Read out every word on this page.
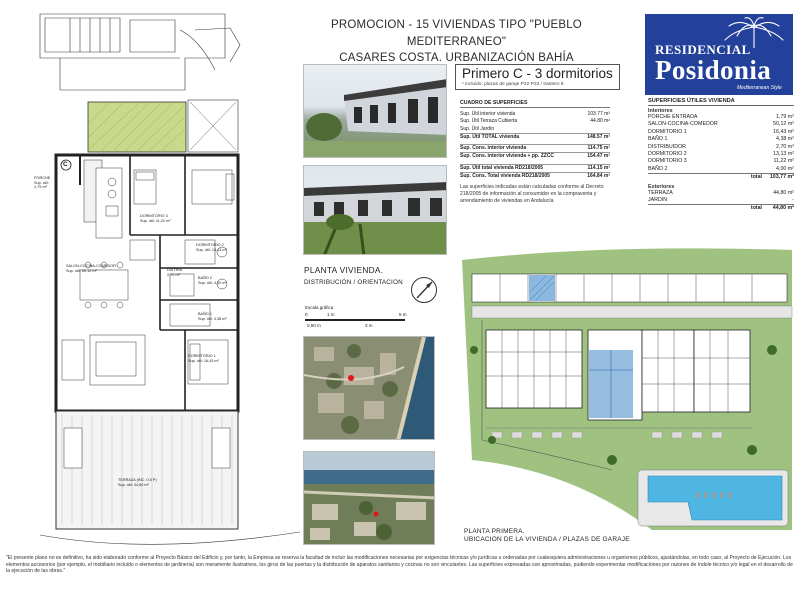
C
PORCHE
Sup. útil: 1,79 m²
DORMITORIO 3
Sup. útil: 11,22 m²
DORMITORIO 2
Sup. útil: 13,13 m²
SALON-COCINA-COMEDOR
Sup. útil: 50,12 m²	DISTRIB.
2,70 m²
BAÑO 2
Sup. útil: 4,00 m²
BAÑO 1
Sup. útil: 4,38 m²
DORMITORIO 1
Sup. útil: 16,43 m²
TERRAZA (INC. 0,5 P)
Sup. útil: 44,80 m²
PROMOCION - 15 VIVIENDAS TIPO "PUEBLO MEDITERRANEO"
CASARES COSTA. URBANIZACIÓN BAHÍA
RESIDENCIAL
Posidonia
Mediterranean Style
Primero C - 3 dormitorios
* incluido: plazas de garaje P22-P23 / trastero 8
CUADRO DE SUPERFICIES
Sup. Útil interior vivienda	103.77 m²
Sup. Útil Terraza Cubierta	44.80 m²
Sup. Útil Jardín
Sup. Útil TOTAL vivienda	148.57 m²
Sup. Cons. interior vivienda	114.75 m²
Sup. Cons. interior vivienda + pp. ZZCC	154.47 m²
Sup. Útil total vivienda RD218/2005	114.15 m²
Sup. Cons. Total vivienda RD218/2005	164.84 m²
Las superficies indicadas están calculadas conforme al Decreto 218/2005 de información al consumidor en la compraventa y arrendamiento de viviendas en Andalucía
SUPERFICIES ÚTILES VIVIENDA
Interiores
PORCHE ENTRADA	1,79 m²
SALON-COCINA-COMEDOR	50,12 m²
DORMITORIO 1	16,43 m²
BAÑO 1	4,38 m²
DISTRIBUIDOR	2,70 m²
DORMITORIO 2	13,13 m²
DORMITORIO 3	11,22 m²
BAÑO 2	4,00 m²
total	103,77 m²
Exteriores
TERRAZA	44,80 m²
JARDIN	-
total	44,80 m²
PLANTA VIVIENDA.
DISTRIBUCIÓN / ORIENTACION
Escala gráfica
0	1 m	5 m
0,50 m	3 m
PLANTA PRIMERA.
UBICACION DE LA VIVIENDA / PLAZAS DE GARAJE
"El presente plano no es definitivo, ha sido elaborado conforme al Proyecto Básico del Edificio y, por tanto, la Empresa se reserva la facultad de incluir las modificaciones necesarias por exigencias técnicas y/o jurídicas u ordenadas por cualesquiera administraciones u organismos públicos, ajustándolas, en todo caso, al Proyecto de Ejecución. Los elementos accesorios (por ejemplo, el mobiliario incluido o elementos de jardinería) son meramente ilustrativos, los giros de las puertas y la distribución de aparatos sanitarios y cocinas no son vinculantes. Las superficies expresadas son aproximadas, pudiendo experimentar modificaciones por razones de índole técnico y/o legal en el desarrollo de la ejecución de las obras."
